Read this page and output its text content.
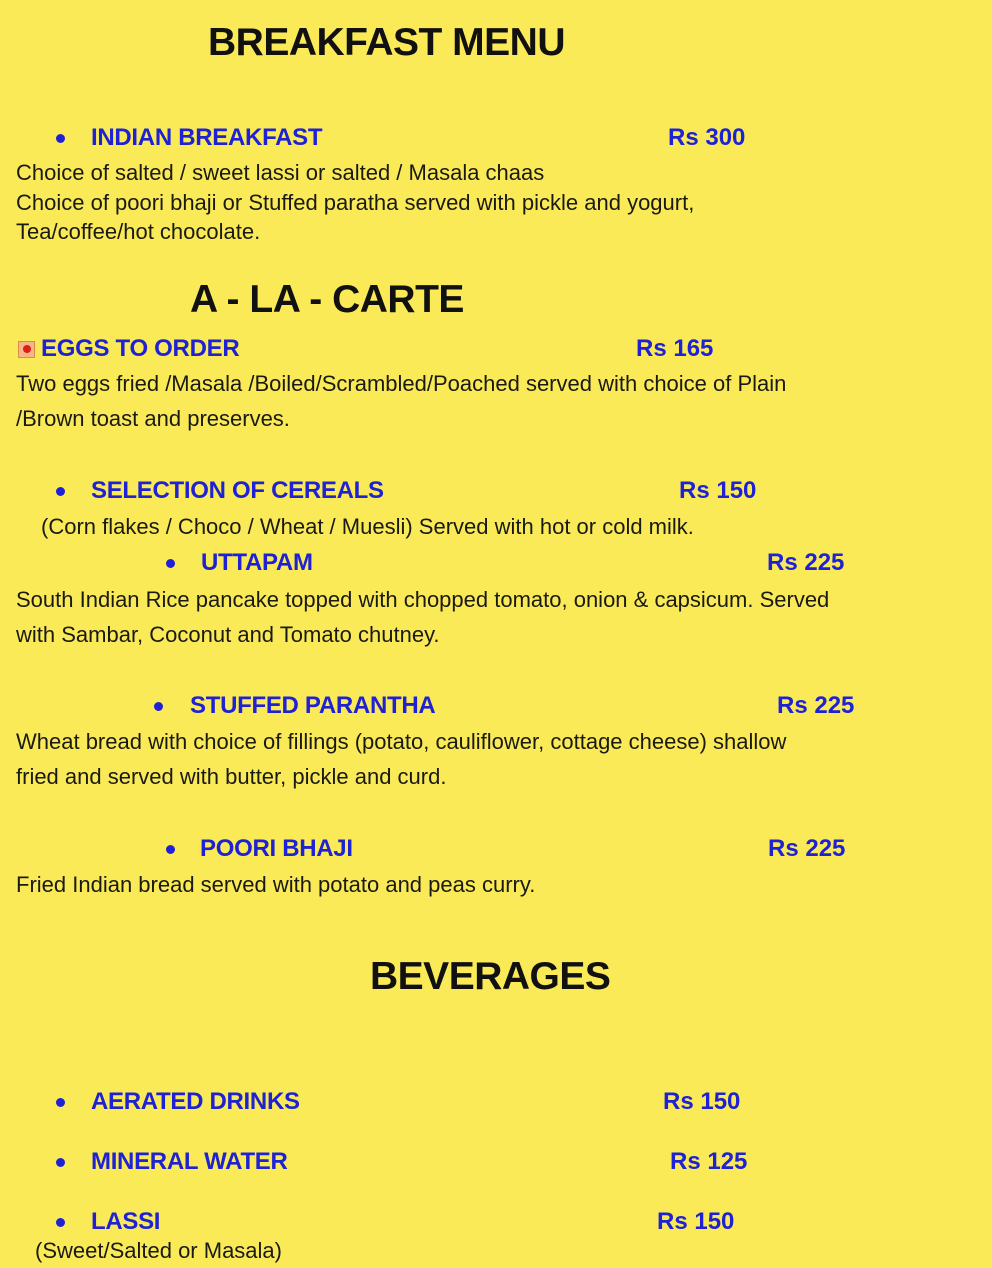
BREAKFAST MENU
INDIAN BREAKFAST	Rs 300
Choice of salted / sweet lassi or salted / Masala chaas
Choice of poori bhaji or Stuffed paratha served with pickle and yogurt,
Tea/coffee/hot chocolate.
A - LA - CARTE
EGGS TO ORDER	Rs 165
Two eggs fried /Masala /Boiled/Scrambled/Poached served with choice of Plain
/Brown toast and preserves.
SELECTION OF CEREALS	Rs 150
(Corn flakes / Choco / Wheat / Muesli) Served with hot or cold milk.
UTTAPAM	Rs 225
South Indian Rice pancake topped with chopped tomato, onion & capsicum. Served
with Sambar, Coconut and Tomato chutney.
STUFFED PARANTHA	Rs 225
Wheat bread with choice of fillings (potato, cauliflower, cottage cheese) shallow
fried and served with butter, pickle and curd.
POORI BHAJI	Rs 225
Fried Indian bread served with potato and peas curry.
BEVERAGES
AERATED DRINKS	Rs 150
MINERAL WATER	Rs 125
LASSI	Rs 150
(Sweet/Salted or Masala)
